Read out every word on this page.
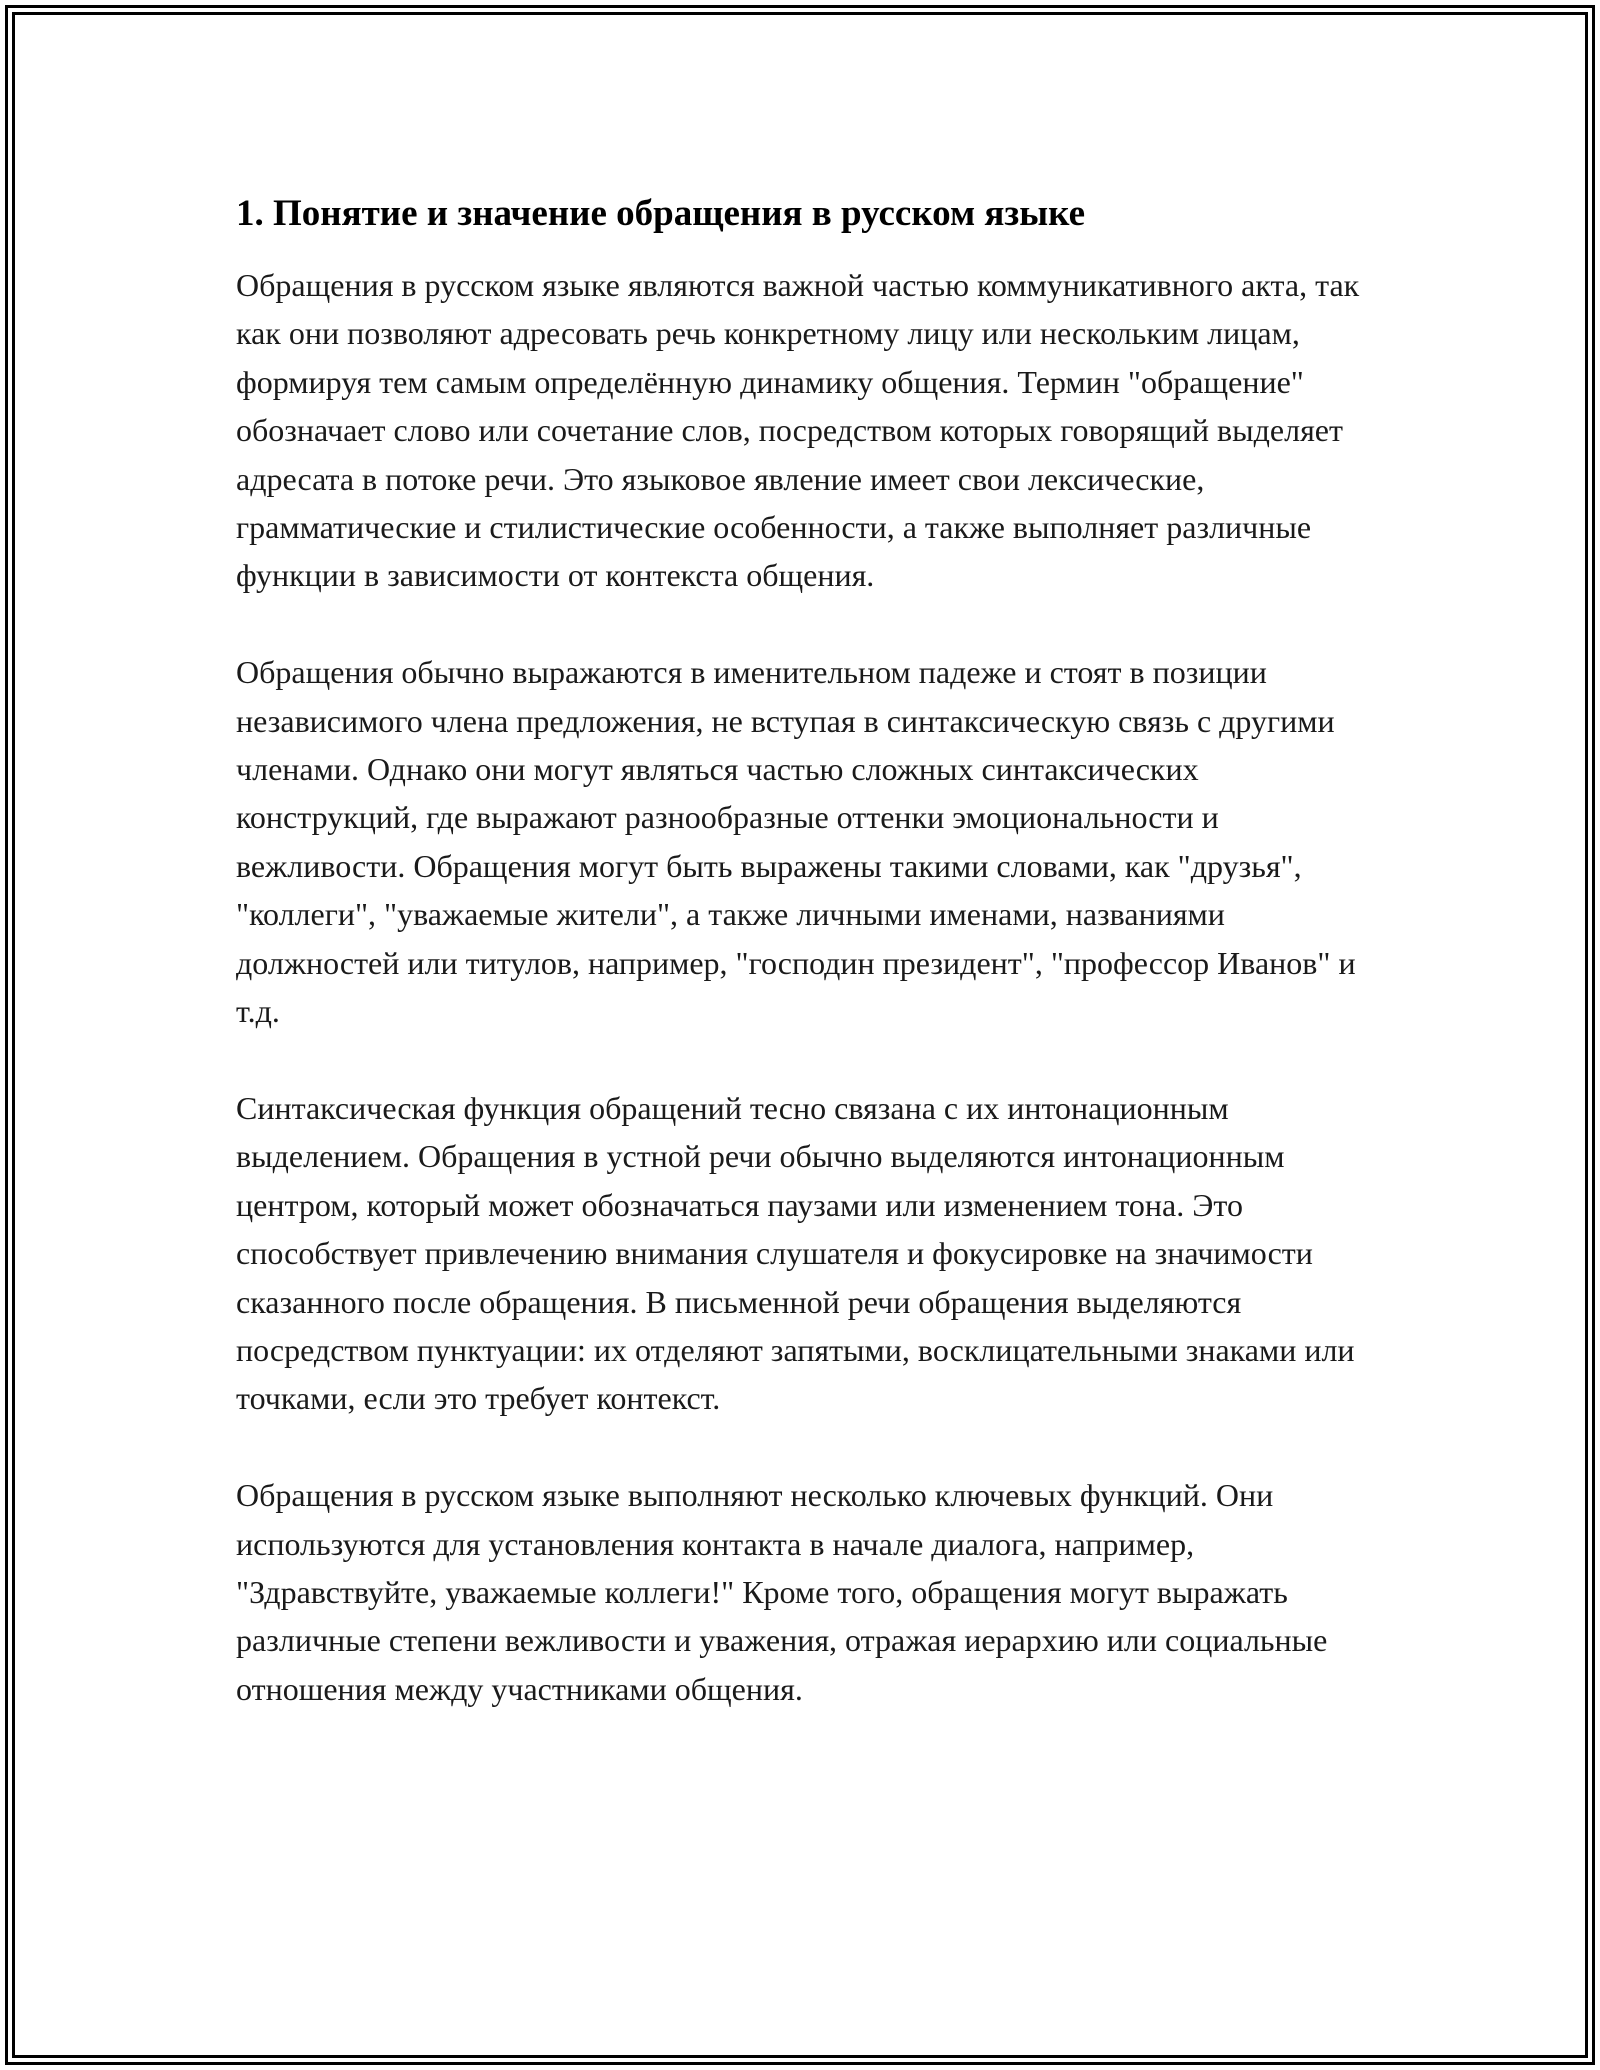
1. Понятие и значение обращения в русском языке

Обращения в русском языке являются важной частью коммуникативного акта, так как они позволяют адресовать речь конкретному лицу или нескольким лицам, формируя тем самым определённую динамику общения. Термин "обращение" обозначает слово или сочетание слов, посредством которых говорящий выделяет адресата в потоке речи. Это языковое явление имеет свои лексические, грамматические и стилистические особенности, а также выполняет различные функции в зависимости от контекста общения.

Обращения обычно выражаются в именительном падеже и стоят в позиции независимого члена предложения, не вступая в синтаксическую связь с другими членами. Однако они могут являться частью сложных синтаксических конструкций, где выражают разнообразные оттенки эмоциональности и вежливости. Обращения могут быть выражены такими словами, как "друзья", "коллеги", "уважаемые жители", а также личными именами, названиями должностей или титулов, например, "господин президент", "профессор Иванов" и т.д.

Синтаксическая функция обращений тесно связана с их интонационным выделением. Обращения в устной речи обычно выделяются интонационным центром, который может обозначаться паузами или изменением тона. Это способствует привлечению внимания слушателя и фокусировке на значимости сказанного после обращения. В письменной речи обращения выделяются посредством пунктуации: их отделяют запятыми, восклицательными знаками или точками, если это требует контекст.

Обращения в русском языке выполняют несколько ключевых функций. Они используются для установления контакта в начале диалога, например, "Здравствуйте, уважаемые коллеги!" Кроме того, обращения могут выражать различные степени вежливости и уважения, отражая иерархию или социальные отношения между участниками общения.
